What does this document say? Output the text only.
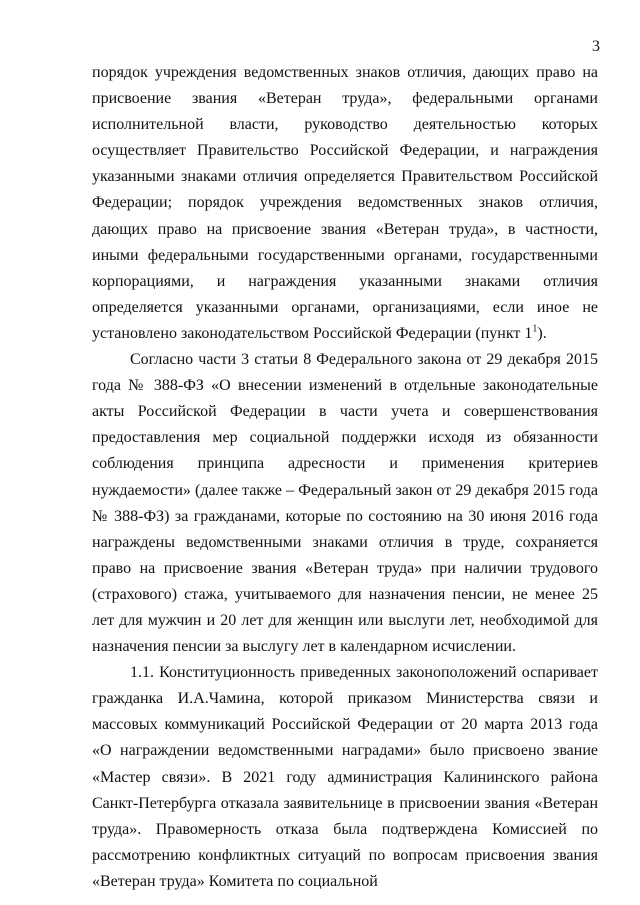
3

порядок учреждения ведомственных знаков отличия, дающих право на присвоение звания «Ветеран труда», федеральными органами исполнительной власти, руководство деятельностью которых осуществляет Правительство Российской Федерации, и награждения указанными знаками отличия определяется Правительством Российской Федерации; порядок учреждения ведомственных знаков отличия, дающих право на присвоение звания «Ветеран труда», в частности, иными федеральными государственными органами, государственными корпорациями, и награждения указанными знаками отличия определяется указанными органами, организациями, если иное не установлено законодательством Российской Федерации (пункт $1^1$).

Согласно части 3 статьи 8 Федерального закона от 29 декабря 2015 года № 388-ФЗ «О внесении изменений в отдельные законодательные акты Российской Федерации в части учета и совершенствования предоставления мер социальной поддержки исходя из обязанности соблюдения принципа адресности и применения критериев нуждаемости» (далее также – Федеральный закон от 29 декабря 2015 года № 388-ФЗ) за гражданами, которые по состоянию на 30 июня 2016 года награждены ведомственными знаками отличия в труде, сохраняется право на присвоение звания «Ветеран труда» при наличии трудового (страхового) стажа, учитываемого для назначения пенсии, не менее 25 лет для мужчин и 20 лет для женщин или выслуги лет, необходимой для назначения пенсии за выслугу лет в календарном исчислении.

1.1. Конституционность приведенных законоположений оспаривает гражданка И.А.Чамина, которой приказом Министерства связи и массовых коммуникаций Российской Федерации от 20 марта 2013 года «О награждении ведомственными наградами» было присвоено звание «Мастер связи». В 2021 году администрация Калининского района Санкт-Петербурга отказала заявительнице в присвоении звания «Ветеран труда». Правомерность отказа была подтверждена Комиссией по рассмотрению конфликтных ситуаций по вопросам присвоения звания «Ветеран труда» Комитета по социальной
